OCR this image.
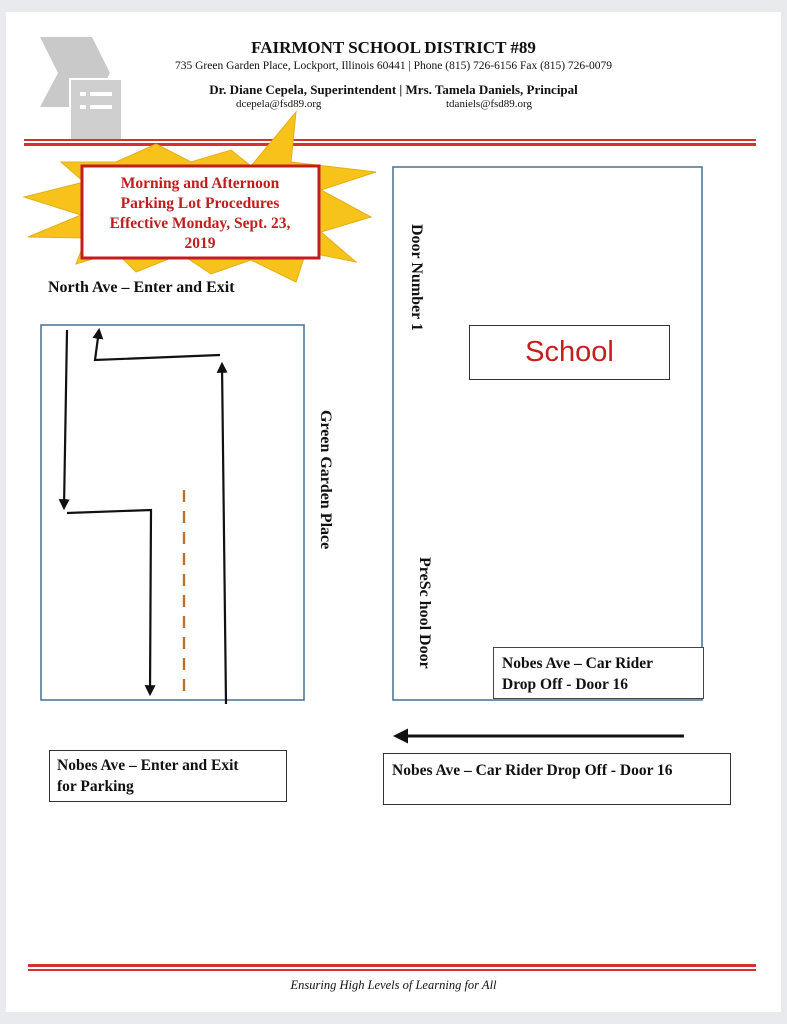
FAIRMONT SCHOOL DISTRICT #89
735 Green Garden Place, Lockport, Illinois 60441 | Phone (815) 726-6156 Fax (815) 726-0079
Dr. Diane Cepela, Superintendent | Mrs. Tamela Daniels, Principal
dcepela@fsd89.org	tdaniels@fsd89.org
Morning and Afternoon
Parking Lot Procedures
Effective Monday, Sept. 23,
2019
North Ave – Enter and Exit	Door Number 1
School
Green Garden Place
PreSc hool Door	Nobes Ave – Car Rider
Drop Off - Door 16
Nobes Ave – Enter and Exit
for Parking
Nobes Ave – Car Rider Drop Off - Door 16
Ensuring High Levels of Learning for All
